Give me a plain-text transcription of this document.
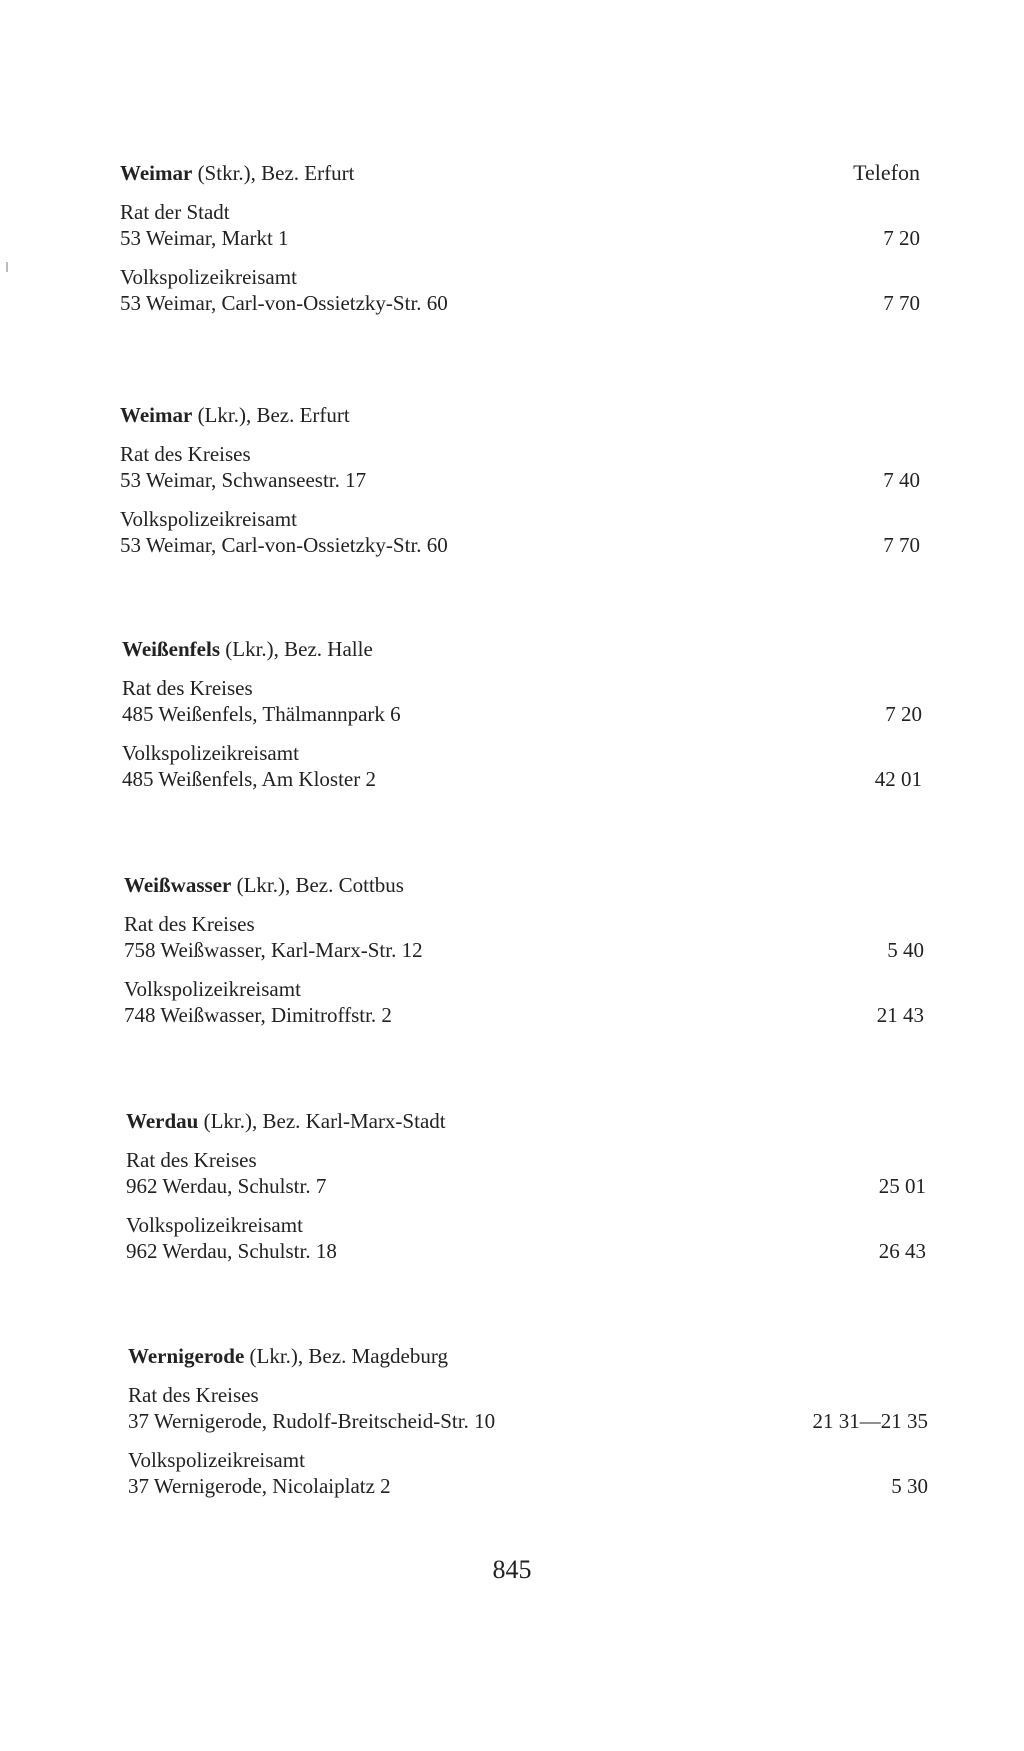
Telefon
Weimar (Stkr.), Bez. Erfurt
Rat der Stadt
53 Weimar, Markt 1	7 20
Volkspolizeikreisamt
53 Weimar, Carl-von-Ossietzky-Str. 60	7 70
Weimar (Lkr.), Bez. Erfurt
Rat des Kreises
53 Weimar, Schwanseestr. 17	7 40
Volkspolizeikreisamt
53 Weimar, Carl-von-Ossietzky-Str. 60	7 70
Weißenfels (Lkr.), Bez. Halle
Rat des Kreises
485 Weißenfels, Thälmannpark 6	7 20
Volkspolizeikreisamt
485 Weißenfels, Am Kloster 2	42 01
Weißwasser (Lkr.), Bez. Cottbus
Rat des Kreises
758 Weißwasser, Karl-Marx-Str. 12	5 40
Volkspolizeikreisamt
748 Weißwasser, Dimitroffstr. 2	21 43
Werdau (Lkr.), Bez. Karl-Marx-Stadt
Rat des Kreises
962 Werdau, Schulstr. 7	25 01
Volkspolizeikreisamt
962 Werdau, Schulstr. 18	26 43
Wernigerode (Lkr.), Bez. Magdeburg
Rat des Kreises
37 Wernigerode, Rudolf-Breitscheid-Str. 10	21 31—21 35
Volkspolizeikreisamt
37 Wernigerode, Nicolaiplatz 2	5 30
845
